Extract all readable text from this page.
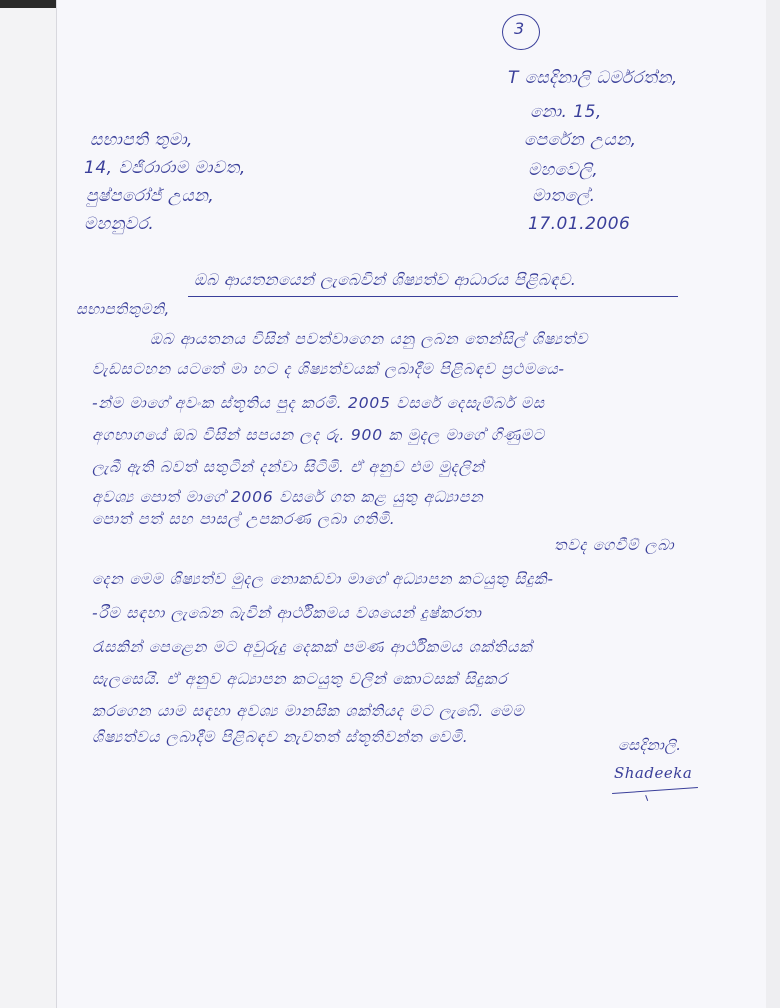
3
T සෙදිනාලි ධර්මරත්න,
නො. 15,
පෙරේන උයන,
මහවෙලි,
මාතලේ.
17.01.2006
සභාපති තුමා,
14, වජිරාරාම මාවත,
පුෂ්පරෝජ් උයන,
මහනුවර.
ඔබ ආයතනයෙන් ලැබෙවින් ශිෂ්‍යත්ව ආධාරය පිළිබඳව.
සභාපතිතුමනි,
ඔබ ආයතනය විසින් පවත්වාගෙන යනු ලබන තෙන්සිල් ශිෂ්‍යත්ව
වැඩසටහන යටතේ මා හට ද ශිෂ්‍යත්වයක් ලබාදීම පිළිබඳව ප්‍රථමයෙ-
-න්ම මාගේ අවංක ස්තූතිය පුද කරමි. 2005 වසරේ දෙසැම්බර් මස
අගභාගයේ ඔබ විසින් සපයන ලද රු. 900 ක මුදල මාගේ ගිණුමට
ලැබී ඇති බවත් සතුටින් දන්වා සිටිමි. ඒ අනුව එම මුදලින්
අවශ්‍ය පොත් මාගේ 2006 වසරේ ගත කළ යුතු අධ්‍යාපන
පොත් පත් සහ පාසල් උපකරණ ලබා ගතිමි.
තවද ගෙවීම් ලබා
දෙන මෙම ශිෂ්‍යත්ව මුදල නොකඩවා මාගේ අධ්‍යාපන කටයුතු සිදුකි-
-රීම සඳහා ලැබෙන බැවින් ආර්ථිකමය වශයෙන් දුෂ්කරතා
රැසකින් පෙළෙන මට අවුරුදු දෙකක් පමණ ආර්ථිකමය ශක්තියක්
සැලසෙයි. ඒ අනුව අධ්‍යාපන කටයුතු වලින් කොටසක් සිදුකර
කරගෙන යාම සඳහා අවශ්‍ය මානසික ශක්තියද මට ලැබේ. මෙම
ශිෂ්‍යත්වය ලබාදීම පිළිබඳව නැවතත් ස්තූතිවන්ත වෙමි.	සෙදිනාලි.
Shadeeka
